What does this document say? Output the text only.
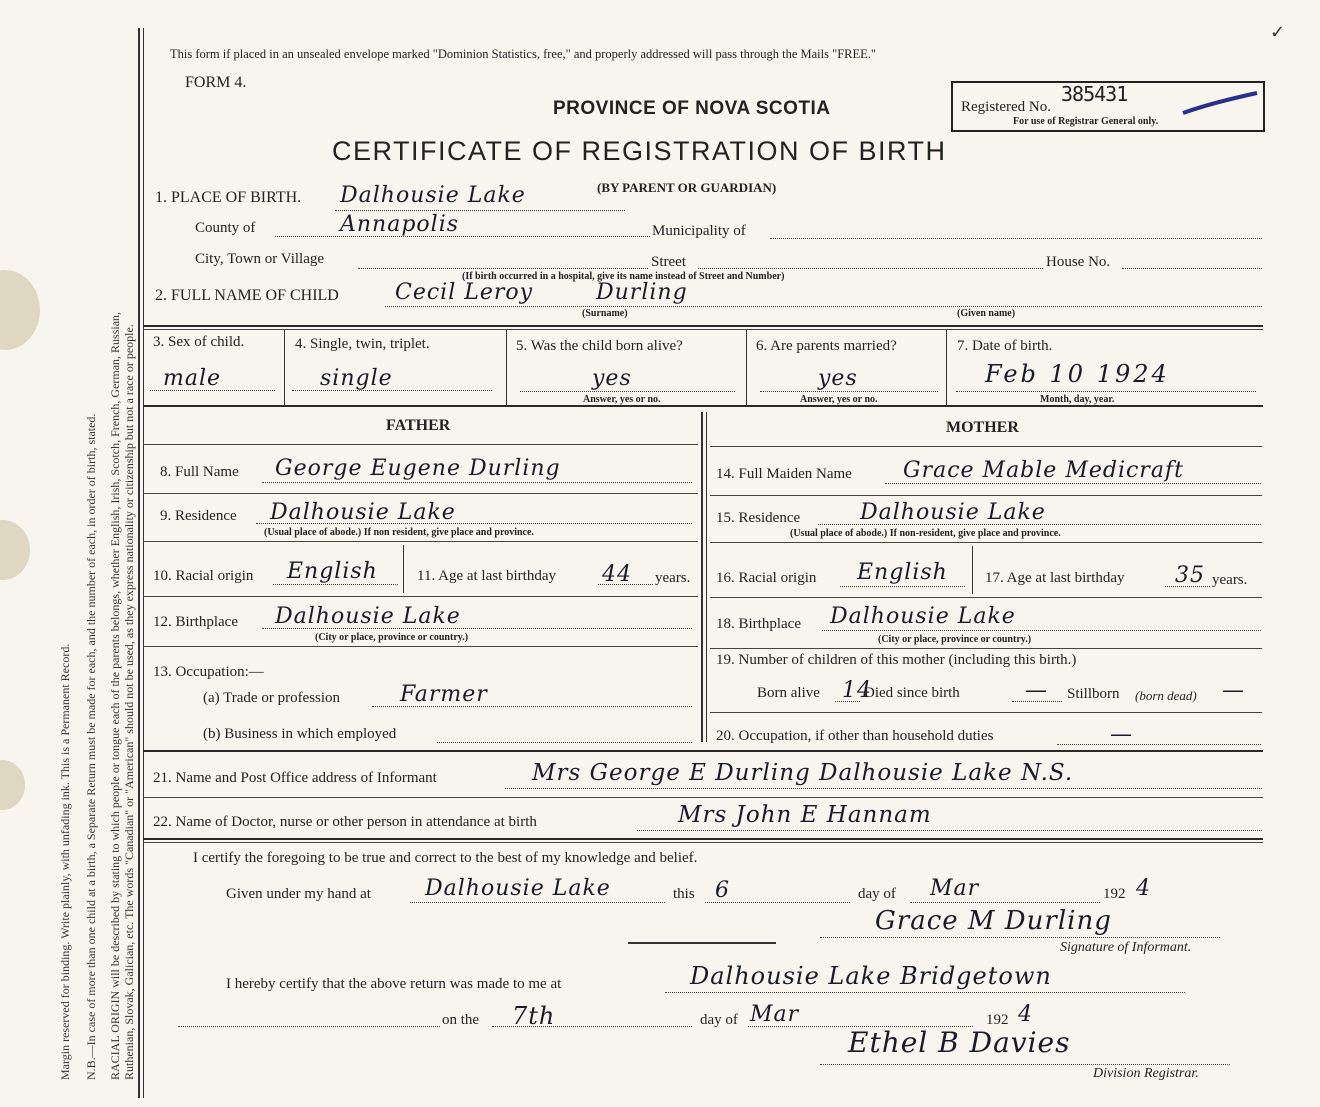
Margin reserved for binding. Write plainly, with unfading ink. This is a Permanent Record. N.B.—In case of more than one child at a birth, a Separate Return must be made for each, and the number of each, in order of birth, stated. RACIAL ORIGIN will be described by stating to which people or tongue each of the parents belongs, whether English, Irish, Scotch, French, German, Russian, Ruthenian, Slovak, Galician, etc. The words "Canadian" or "American" should not be used, as they express nationality or citizenship but not a race or people.
✓
This form if placed in an unsealed envelope marked "Dominion Statistics, free," and properly addressed will pass through the Mails "FREE."
FORM 4.
PROVINCE OF NOVA SCOTIA	Registered No.
385431
For use of Registrar General only.
CERTIFICATE OF REGISTRATION OF BIRTH
(BY PARENT OR GUARDIAN)
1. PLACE OF BIRTH. Dalhousie Lake
County of	Annapolis	Municipality of
City, Town or Village	Street	House No.
(If birth occurred in a hospital, give its name instead of Street and Number)
2. FULL NAME OF CHILD	Cecil Leroy	Durling
(Surname)	(Given name)
3. Sex of child.
male
4. Single, twin, triplet.
single
5. Was the child born alive?
yes
Answer, yes or no.
6. Are parents married?
yes
Answer, yes or no.
7. Date of birth.
Feb 10 1924
Month, day, year.
FATHER	MOTHER
8. Full Name George Eugene Durling
9. Residence Dalhousie Lake
(Usual place of abode.) If non resident, give place and province.
10. Racial origin English	11. Age at last birthday 44 years.
12. Birthplace Dalhousie Lake
(City or place, province or country.)
13. Occupation:—
(a) Trade or profession	Farmer
(b) Business in which employed
14. Full Maiden Name Grace Mable Medicraft
15. Residence	Dalhousie Lake
(Usual place of abode.) If non-resident, give place and province.
16. Racial origin English 17. Age at last birthday 35 years.
18. Birthplace Dalhousie Lake
(City or place, province or country.)
19. Number of children of this mother (including this birth.)
Born alive 14
Died since birth	— Stillborn (born dead) —
20. Occupation, if other than household duties	—
21. Name and Post Office address of Informant	Mrs George E Durling Dalhousie Lake N.S.
22. Name of Doctor, nurse or other person in attendance at birth	Mrs John E Hannam
I certify the foregoing to be true and correct to the best of my knowledge and belief.
Given under my hand at Dalhousie Lake	this 6	day of Mar	192 4
Grace M Durling
Signature of Informant.
I hereby certify that the above return was made to me at	Dalhousie Lake Bridgetown
on the 7th	day of Mar	192 4
Ethel B Davies
Division Registrar.
